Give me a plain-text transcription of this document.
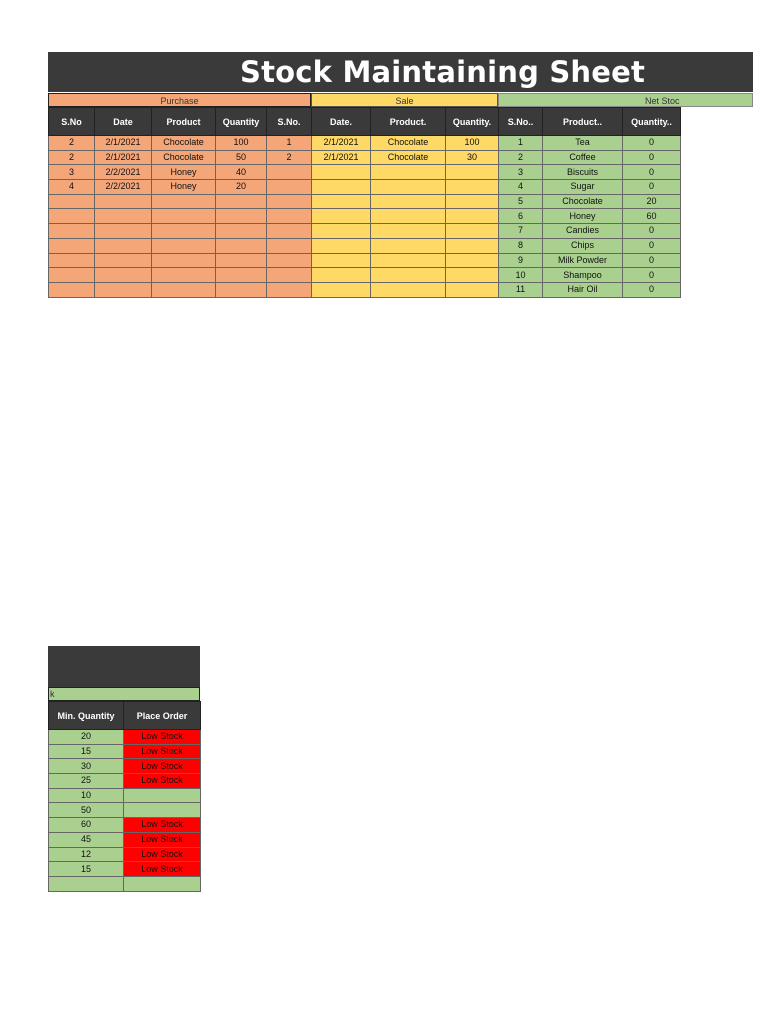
Stock Maintaining Sheet
Purchase	Sale	Net Stoc
S.No	Date	Product	Quantity	S.No.	Date.	Product.	Quantity.	S.No..	Product..	Quantity..
2	2/1/2021	Chocolate	100	1	2/1/2021	Chocolate	100	1	Tea	0
2	2/1/2021	Chocolate	50	2	2/1/2021	Chocolate	30	2	Coffee	0
3	2/2/2021	Honey	40					3	Biscuits	0
4	2/2/2021	Honey	20					4	Sugar	0
								5	Chocolate	20
								6	Honey	60
								7	Candies	0
								8	Chips	0
								9	Milk Powder	0
								10	Shampoo	0
								11	Hair Oil	0
k
Min. Quantity	Place Order
20	Low Stock
15	Low Stock
30	Low Stock
25	Low Stock
10	
50	
60	Low Stock
45	Low Stock
12	Low Stock
15	Low Stock
